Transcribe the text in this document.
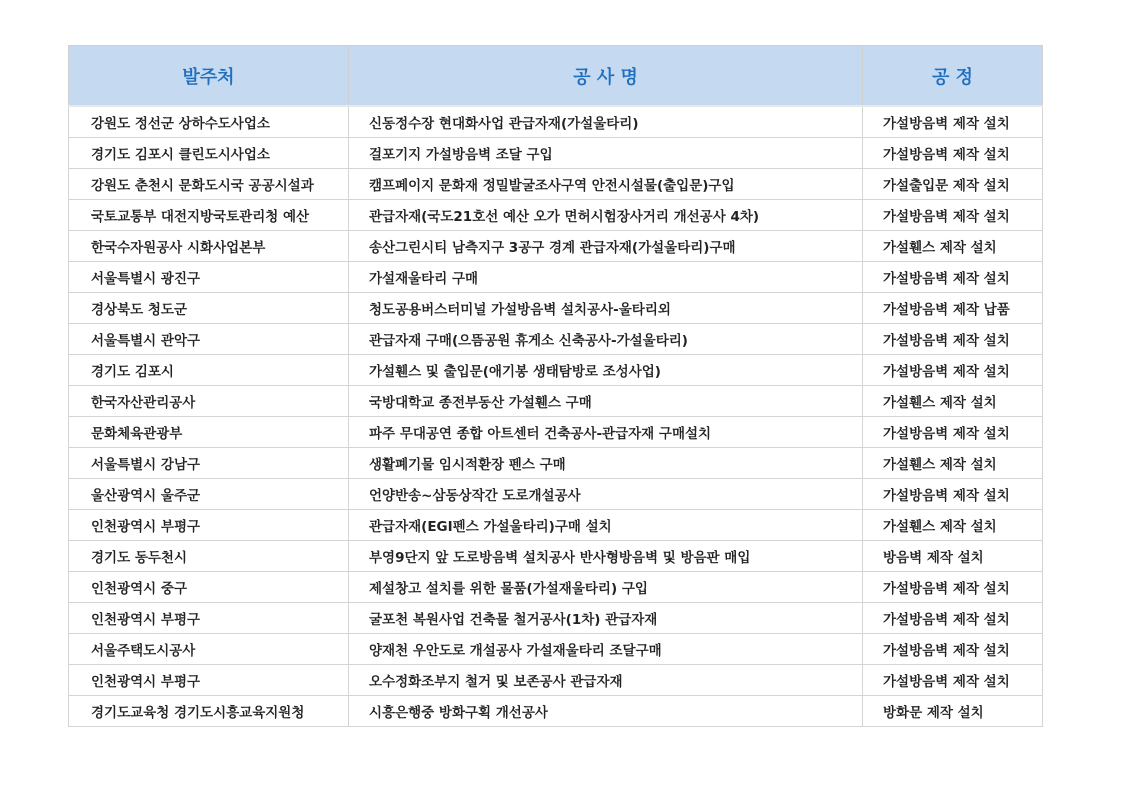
발주처	공 사 명	공 정
강원도 정선군 상하수도사업소	신동정수장 현대화사업 관급자재(가설울타리)	가설방음벽 제작 설치
경기도 김포시 클린도시사업소	걸포기지 가설방음벽 조달 구입	가설방음벽 제작 설치
강원도 춘천시 문화도시국 공공시설과	캠프페이지 문화재 정밀발굴조사구역 안전시설물(출입문)구입	가설출입문 제작 설치
국토교통부 대전지방국토관리청 예산	관급자재(국도21호선 예산 오가 면허시험장사거리 개선공사 4차)	가설방음벽 제작 설치
한국수자원공사 시화사업본부	송산그린시티 남측지구 3공구 경계 관급자재(가설울타리)구매	가설휀스 제작 설치
서울특별시 광진구	가설재울타리 구매	가설방음벽 제작 설치
경상북도 청도군	청도공용버스터미널 가설방음벽 설치공사-울타리외	가설방음벽 제작 납품
서울특별시 관악구	관급자재 구매(으뜸공원 휴게소 신축공사-가설울타리)	가설방음벽 제작 설치
경기도 김포시	가설휀스 및 출입문(애기봉 생태탐방로 조성사업)	가설방음벽 제작 설치
한국자산관리공사	국방대학교 종전부동산 가설휀스 구매	가설휀스 제작 설치
문화체육관광부	파주 무대공연 종합 아트센터 건축공사-관급자재 구매설치	가설방음벽 제작 설치
서울특별시 강남구	생활폐기물 임시적환장 펜스 구매	가설휀스 제작 설치
울산광역시 울주군	언양반송~삼동상작간 도로개설공사	가설방음벽 제작 설치
인천광역시 부평구	관급자재(EGI펜스 가설울타리)구매 설치	가설휀스 제작 설치
경기도 동두천시	부영9단지 앞 도로방음벽 설치공사 반사형방음벽 및 방음판 매입	방음벽 제작 설치
인천광역시 중구	제설창고 설치를 위한 물품(가설재울타리) 구입	가설방음벽 제작 설치
인천광역시 부평구	굴포천 복원사업 건축물 철거공사(1차) 관급자재	가설방음벽 제작 설치
서울주택도시공사	양재천 우안도로 개설공사 가설재울타리 조달구매	가설방음벽 제작 설치
인천광역시 부평구	오수정화조부지 철거 및 보존공사 관급자재	가설방음벽 제작 설치
경기도교육청 경기도시흥교육지원청	시흥은행중 방화구획 개선공사	방화문 제작 설치
